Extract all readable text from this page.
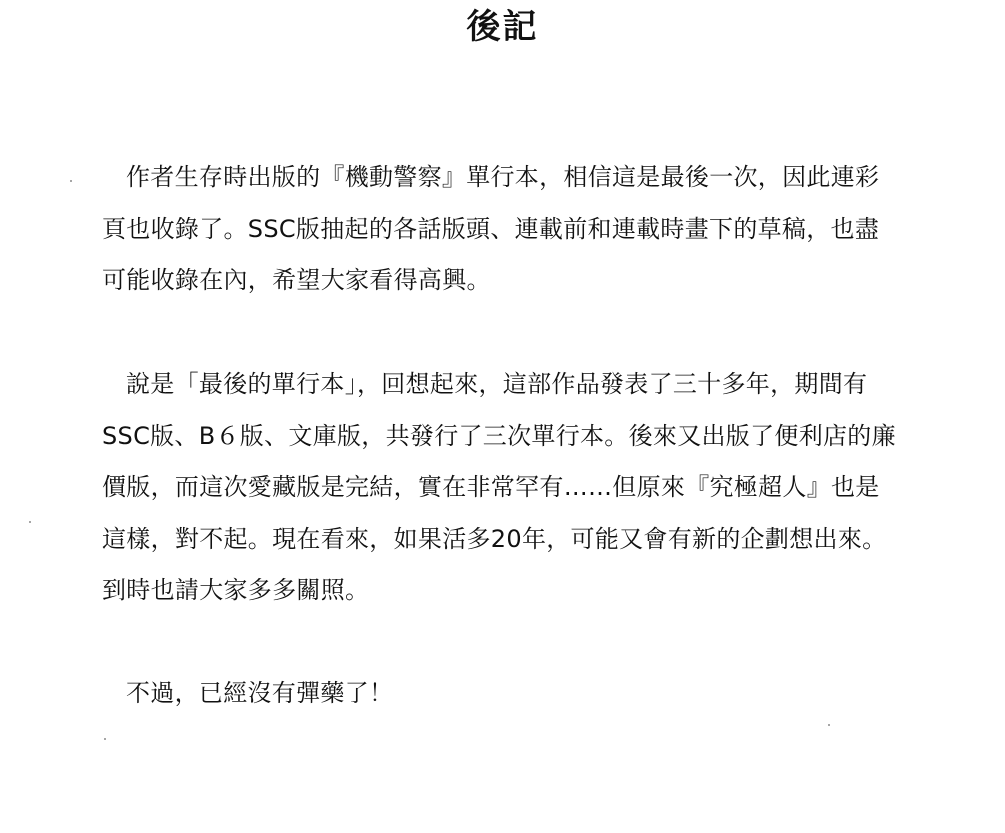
後記

作者生存時出版的『機動警察』單行本，相信這是最後一次，因此連彩頁也收錄了。SSC版抽起的各話版頭、連載前和連載時畫下的草稿，也盡可能收錄在內，希望大家看得高興。

說是「最後的單行本」，回想起來，這部作品發表了三十多年，期間有SSC版、B６版、文庫版，共發行了三次單行本。後來又出版了便利店的廉價版，而這次愛藏版是完結，實在非常罕有……但原來『究極超人』也是這樣，對不起。現在看來，如果活多20年，可能又會有新的企劃想出來。到時也請大家多多關照。

不過，已經沒有彈藥了！
